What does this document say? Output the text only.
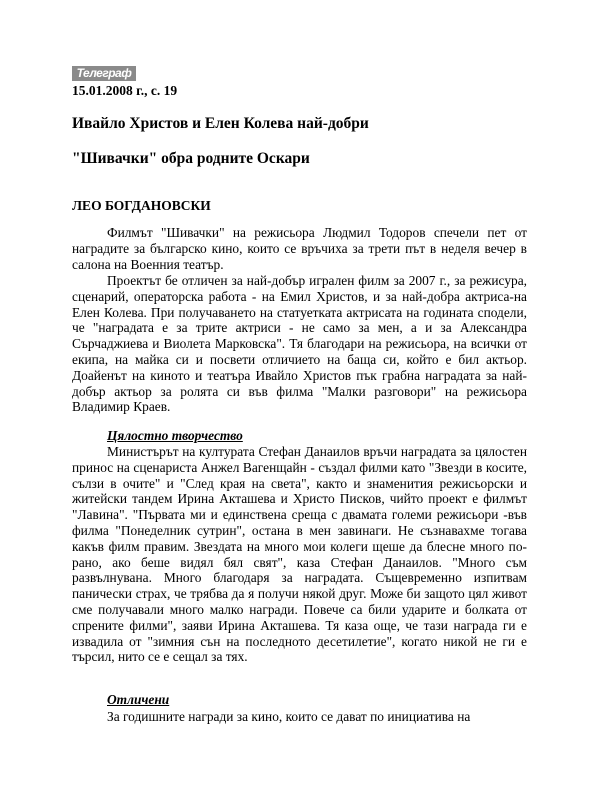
Телеграф
15.01.2008 г., с. 19
Ивайло Христов и Елен Колева най-добри
"Шивачки" обра родните Оскари
ЛЕО БОГДАНОВСКИ

Филмът "Шивачки" на режисьора Людмил Тодоров спечели пет от наградите за българско кино, които се връчиха за трети път в неделя вечер в салона на Военния театър.

Проектът бе отличен за най-добър игрален филм за 2007 г., за режисура, сценарий, операторска работа - на Емил Христов, и за най-добра актриса-на Елен Колева. При получаването на статуетката актрисата на годината сподели, че "наградата е за трите актриси - не само за мен, а и за Александра Сърчаджиева и Виолета Марковска". Тя благодари на режисьора, на всички от екипа, на майка си и посвети отличието на баща си, който е бил актьор. Доайенът на киното и театъра Ивайло Христов пък грабна наградата за най-добър актьор за ролята си във филма "Малки разговори" на режисьора Владимир Краев.

Цялостно творчество

Министърът на културата Стефан Данаилов връчи наградата за цялостен принос на сценариста Анжел Вагенщайн - създал филми като "Звезди в косите, сълзи в очите" и "След края на света", както и знаменития режисьорски и житейски тандем Ирина Акташева и Христо Писков, чийто проект е филмът "Лавина". "Първата ми и единствена среща с двамата големи режисьори -във филма "Понеделник сутрин", остана в мен завинаги. Не съзнавахме тогава какъв филм правим. Звездата на много мои колеги щеше да блесне много по-рано, ако беше видял бял свят", каза Стефан Данаилов. "Много съм развълнувана. Много благодаря за наградата. Същевременно изпитвам панически страх, че трябва да я получи някой друг. Може би защото цял живот сме получавали много малко награди. Повече са били ударите и болката от спрените филми", заяви Ирина Акташева. Тя каза още, че тази награда ги е извадила от "зимния сън на последното десетилетие", когато никой не ги е търсил, нито се е сещал за тях.

Отличени

За годишните награди за кино, които се дават по инициатива на
